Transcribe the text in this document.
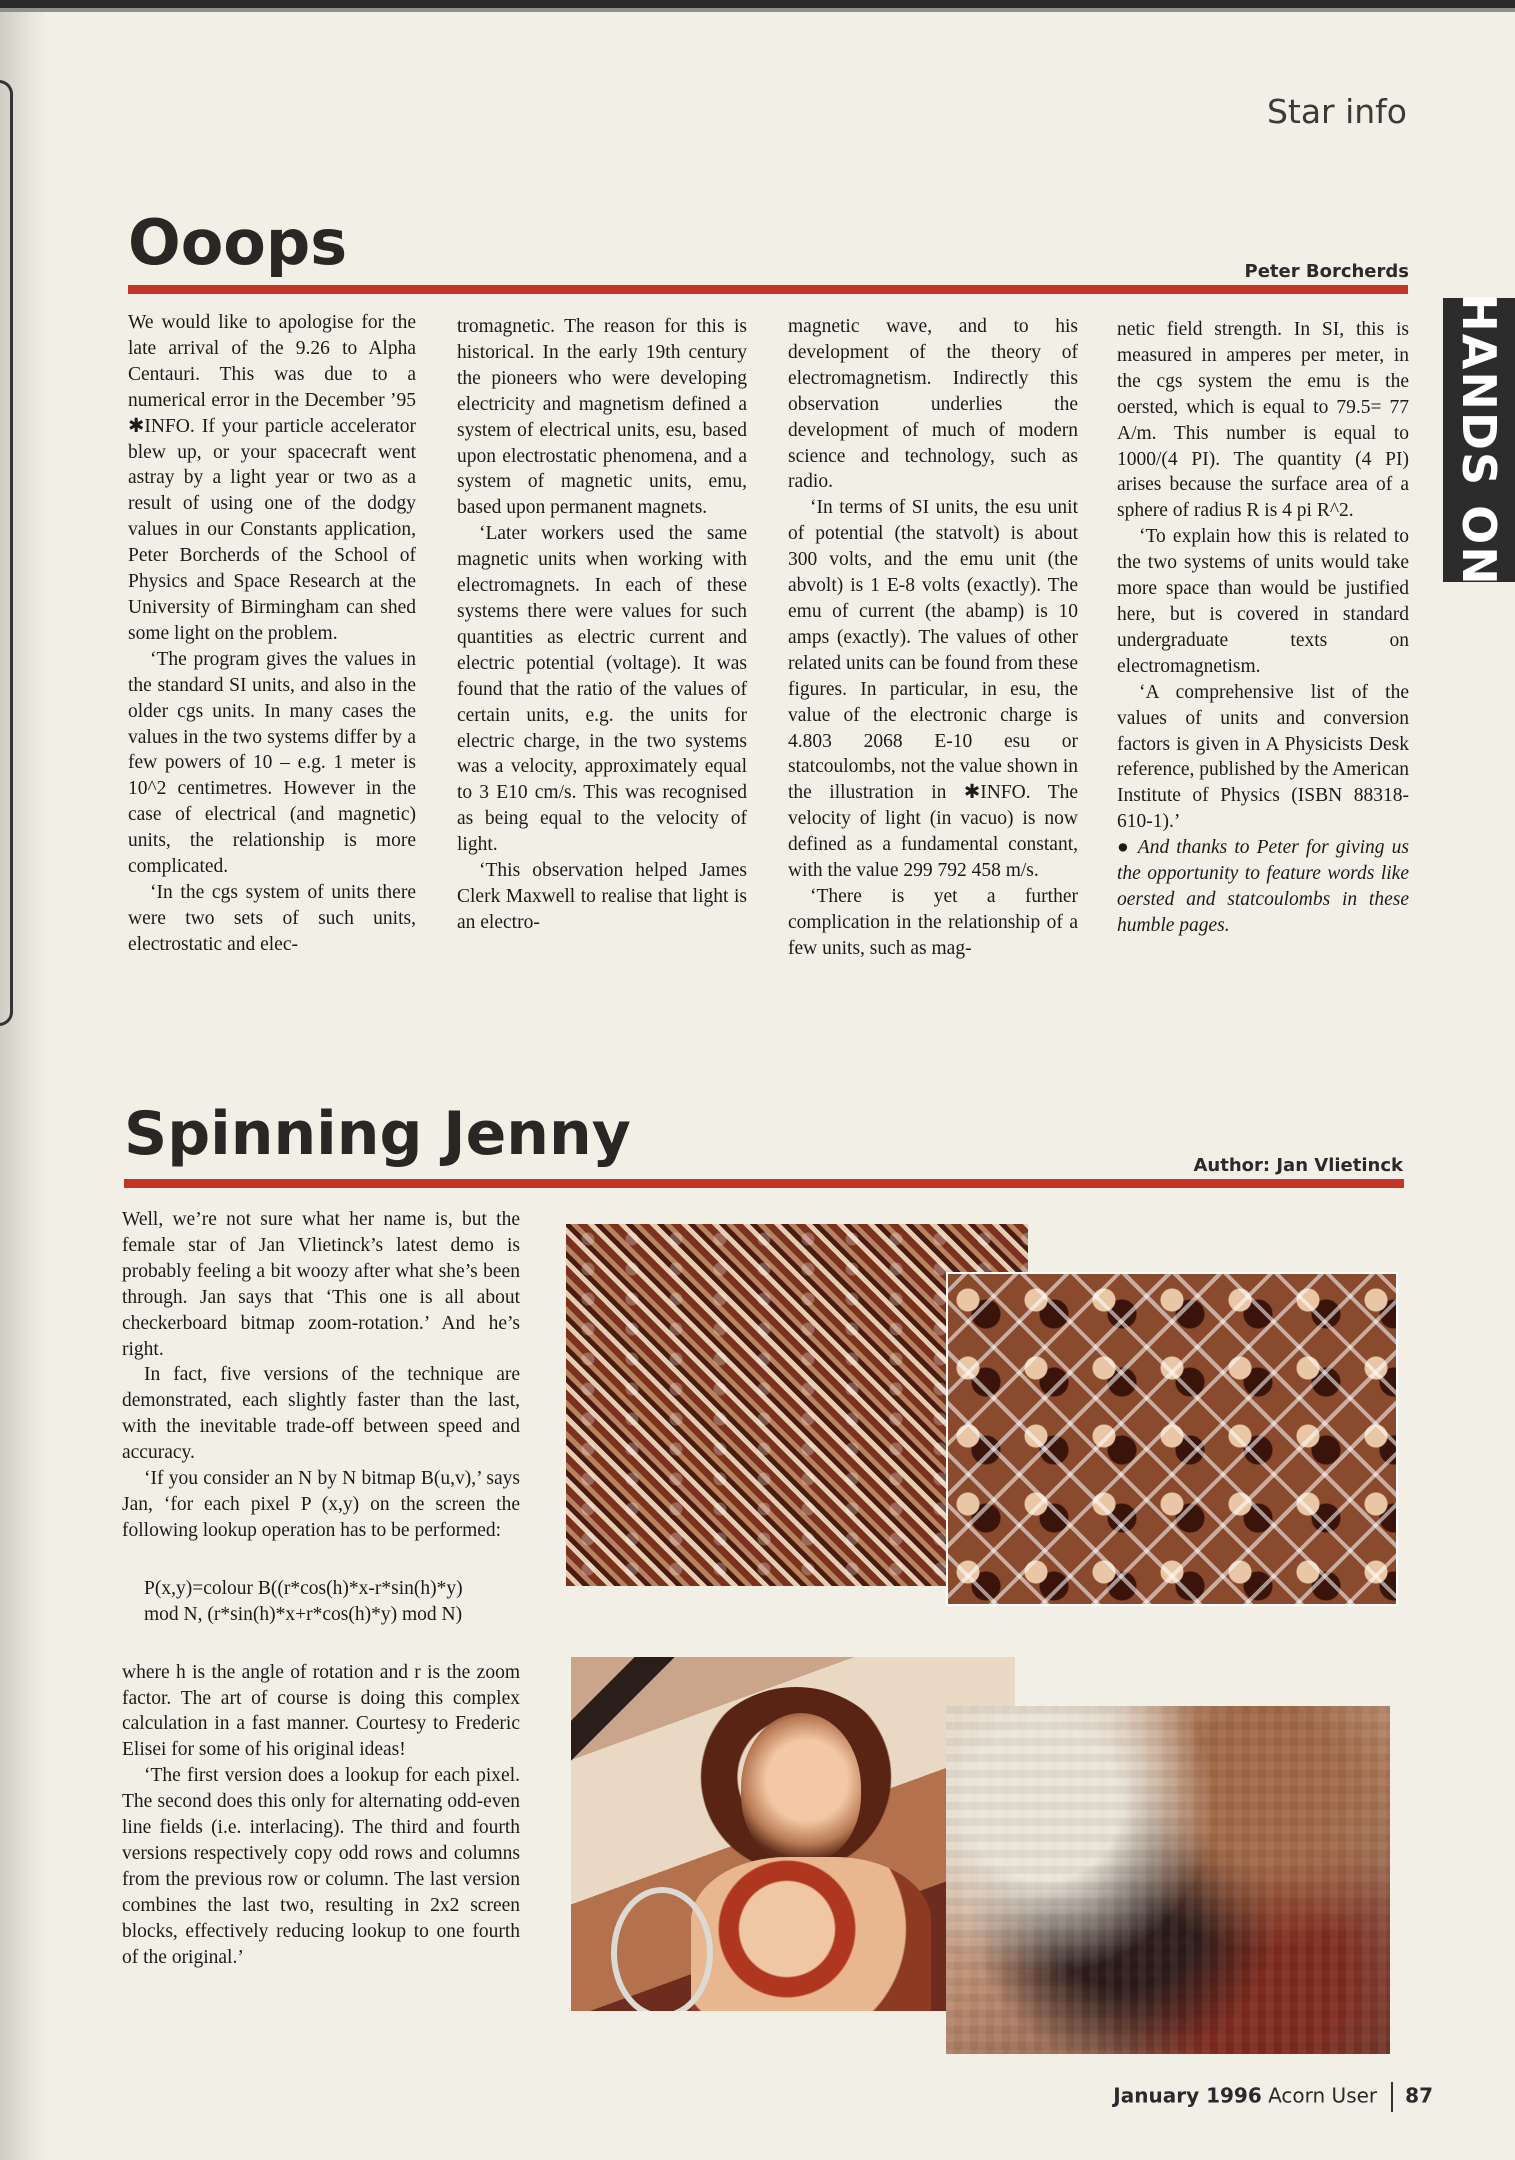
Star info
HANDS ON
Ooops	Peter Borcherds

We would like to apologise for the late arrival of the 9.26 to Alpha Centauri. This was due to a numerical error in the December ’95 ✱INFO. If your particle accelerator blew up, or your spacecraft went astray by a light year or two as a result of using one of the dodgy values in our Constants application, Peter Borcherds of the School of Physics and Space Research at the University of Birmingham can shed some light on the problem.

‘The program gives the values in the standard SI units, and also in the older cgs units. In many cases the values in the two systems differ by a few powers of 10 – e.g. 1 meter is 10^2 centimetres. However in the case of electrical (and magnetic) units, the relationship is more complicated.

‘In the cgs system of units there were two sets of such units, electrostatic and elec-

tromagnetic. The reason for this is historical. In the early 19th century the pioneers who were developing electricity and magnetism defined a system of electrical units, esu, based upon electrostatic phenomena, and a system of magnetic units, emu, based upon permanent magnets.

‘Later workers used the same magnetic units when working with electromagnets. In each of these systems there were values for such quantities as electric current and electric potential (voltage). It was found that the ratio of the values of certain units, e.g. the units for electric charge, in the two systems was a velocity, approximately equal to 3 E10 cm/s. This was recognised as being equal to the velocity of light.

‘This observation helped James Clerk Maxwell to realise that light is an electro-

magnetic wave, and to his development of the theory of electromagnetism. Indirectly this observation underlies the development of much of modern science and technology, such as radio.

‘In terms of SI units, the esu unit of potential (the statvolt) is about 300 volts, and the emu unit (the abvolt) is 1 E-8 volts (exactly). The emu of current (the abamp) is 10 amps (exactly). The values of other related units can be found from these figures. In particular, in esu, the value of the electronic charge is 4.803 2068 E-10 esu or statcoulombs, not the value shown in the illustration in ✱INFO. The velocity of light (in vacuo) is now defined as a fundamental constant, with the value 299 792 458 m/s.

‘There is yet a further complication in the relationship of a few units, such as mag-

netic field strength. In SI, this is measured in amperes per meter, in the cgs system the emu is the oersted, which is equal to 79.5= 77 A/m. This number is equal to 1000/(4 PI). The quantity (4 PI) arises because the surface area of a sphere of radius R is 4 pi R^2.

‘To explain how this is related to the two systems of units would take more space than would be justified here, but is covered in standard undergraduate texts on electromagnetism.

‘A comprehensive list of the values of units and conversion factors is given in A Physicists Desk reference, published by the American Institute of Physics (ISBN 88318-610-1).’

● And thanks to Peter for giving us the opportunity to feature words like oersted and statcoulombs in these humble pages.

Spinning Jenny	Author: Jan Vlietinck

Well, we’re not sure what her name is, but the female star of Jan Vlietinck’s latest demo is probably feeling a bit woozy after what she’s been through. Jan says that ‘This one is all about checkerboard bitmap zoom-rotation.’ And he’s right.

In fact, five versions of the technique are demonstrated, each slightly faster than the last, with the inevitable trade-off between speed and accuracy.

‘If you consider an N by N bitmap B(u,v),’ says Jan, ‘for each pixel P (x,y) on the screen the following lookup operation has to be performed:

P(x,y)=colour B((r*cos(h)*x-r*sin(h)*y)
mod N, (r*sin(h)*x+r*cos(h)*y) mod N)

where h is the angle of rotation and r is the zoom factor. The art of course is doing this complex calculation in a fast manner. Courtesy to Frederic Elisei for some of his original ideas!

‘The first version does a lookup for each pixel. The second does this only for alternating odd-even line fields (i.e. interlacing). The third and fourth versions respectively copy odd rows and columns from the previous row or column. The last version combines the last two, resulting in 2x2 screen blocks, effectively reducing lookup to one fourth of the original.’

January 1996 Acorn User 87
